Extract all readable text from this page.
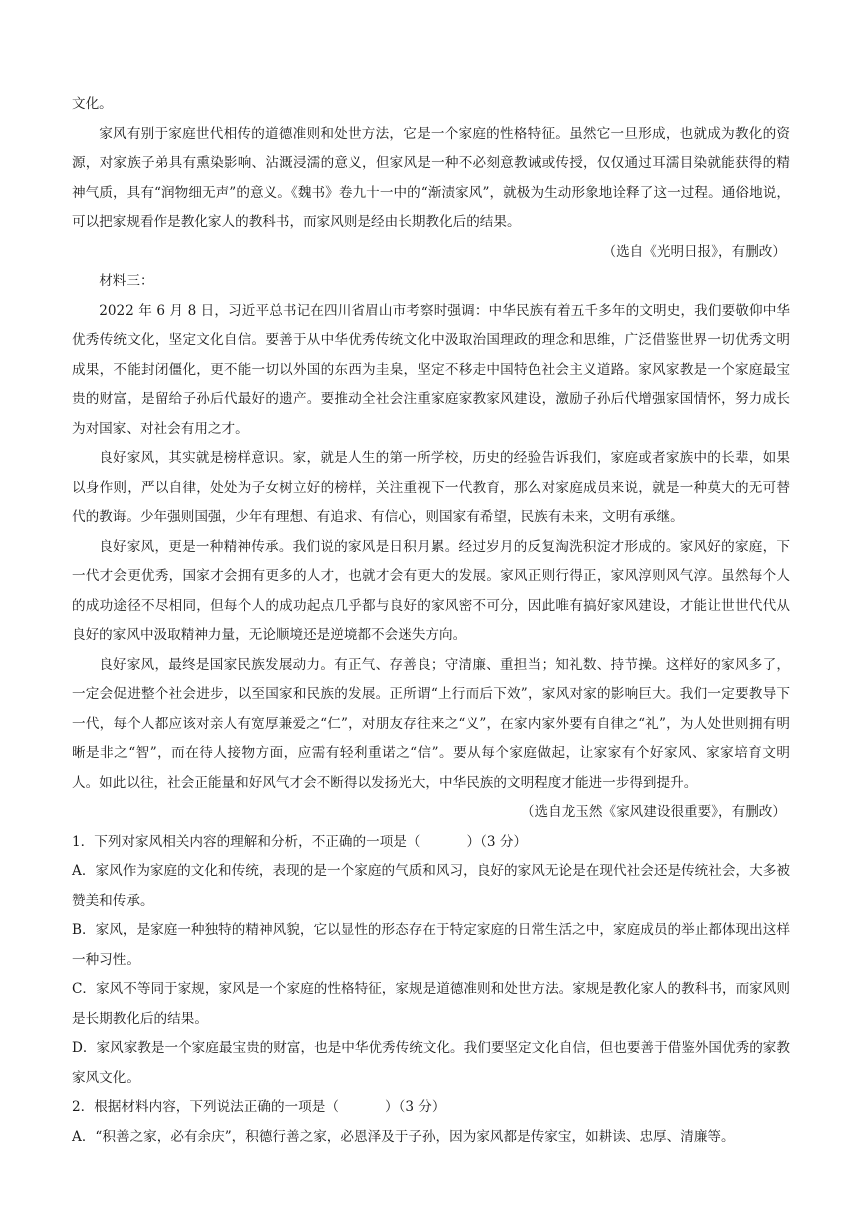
文化。

家风有别于家庭世代相传的道德准则和处世方法，它是一个家庭的性格特征。虽然它一旦形成，也就成为教化的资源，对家族子弟具有熏染影响、沾溉浸濡的意义，但家风是一种不必刻意教诫或传授，仅仅通过耳濡目染就能获得的精神气质，具有“润物细无声”的意义。《魏书》卷九十一中的“渐渍家风”，就极为生动形象地诠释了这一过程。通俗地说，可以把家规看作是教化家人的教科书，而家风则是经由长期教化后的结果。

（选自《光明日报》，有删改）

材料三：

2022 年 6 月 8 日，习近平总书记在四川省眉山市考察时强调：中华民族有着五千多年的文明史，我们要敬仰中华优秀传统文化，坚定文化自信。要善于从中华优秀传统文化中汲取治国理政的理念和思维，广泛借鉴世界一切优秀文明成果，不能封闭僵化，更不能一切以外国的东西为圭臬，坚定不移走中国特色社会主义道路。家风家教是一个家庭最宝贵的财富，是留给子孙后代最好的遗产。要推动全社会注重家庭家教家风建设，激励子孙后代增强家国情怀，努力成长为对国家、对社会有用之才。

良好家风，其实就是榜样意识。家，就是人生的第一所学校，历史的经验告诉我们，家庭或者家族中的长辈，如果以身作则，严以自律，处处为子女树立好的榜样，关注重视下一代教育，那么对家庭成员来说，就是一种莫大的无可替代的教诲。少年强则国强，少年有理想、有追求、有信心，则国家有希望，民族有未来，文明有承继。

良好家风，更是一种精神传承。我们说的家风是日积月累。经过岁月的反复淘洗积淀才形成的。家风好的家庭，下一代才会更优秀，国家才会拥有更多的人才，也就才会有更大的发展。家风正则行得正，家风淳则风气淳。虽然每个人的成功途径不尽相同，但每个人的成功起点几乎都与良好的家风密不可分，因此唯有搞好家风建设，才能让世世代代从良好的家风中汲取精神力量，无论顺境还是逆境都不会迷失方向。

良好家风，最终是国家民族发展动力。有正气、存善良；守清廉、重担当；知礼数、持节操。这样好的家风多了，一定会促进整个社会进步，以至国家和民族的发展。正所谓“上行而后下效”，家风对家的影响巨大。我们一定要教导下一代，每个人都应该对亲人有宽厚兼爱之“仁”，对朋友存往来之“义”，在家内家外要有自律之“礼”，为人处世则拥有明晰是非之“智”，而在待人接物方面，应需有轻利重诺之“信”。要从每个家庭做起，让家家有个好家风、家家培育文明人。如此以往，社会正能量和好风气才会不断得以发扬光大，中华民族的文明程度才能进一步得到提升。

（选自龙玉然《家风建设很重要》，有删改）

1．下列对家风相关内容的理解和分析，不正确的一项是（	）（3 分）

A．家风作为家庭的文化和传统，表现的是一个家庭的气质和风习，良好的家风无论是在现代社会还是传统社会，大多被赞美和传承。

B．家风，是家庭一种独特的精神风貌，它以显性的形态存在于特定家庭的日常生活之中，家庭成员的举止都体现出这样一种习性。

C．家风不等同于家规，家风是一个家庭的性格特征，家规是道德准则和处世方法。家规是教化家人的教科书，而家风则是长期教化后的结果。

D．家风家教是一个家庭最宝贵的财富，也是中华优秀传统文化。我们要坚定文化自信，但也要善于借鉴外国优秀的家教家风文化。

2．根据材料内容，下列说法正确的一项是（	）（3 分）

A．“积善之家，必有余庆”，积德行善之家，必恩泽及于子孙，因为家风都是传家宝，如耕读、忠厚、清廉等。
